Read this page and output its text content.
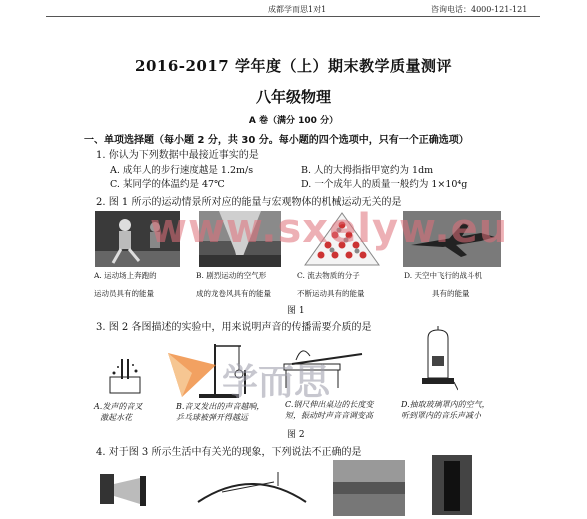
成都学而思1对1	咨询电话：4000-121-121
2016-2017 学年度（上）期末教学质量测评
八年级物理
A 卷（满分 100 分）
一、单项选择题（每小题 2 分，共 30 分。每小题的四个选项中，只有一个正确选项）
1. 你认为下列数据中最接近事实的是
A. 成年人的步行速度越是 1.2m/s	B. 人的大拇指指甲宽约为 1dm
C. 某同学的体温约是 47℃	D. 一个成年人的质量一般约为 1×10⁴g
2. 图 1 所示的运动情景所对应的能量与宏观物体的机械运动无关的是
A. 运动场上奔跑的
运动员具有的能量
B. 剧烈运动的空气形
成的龙卷风具有的能量
C. 流去物质的分子
不断运动具有的能量
D. 天空中飞行的战斗机
具有的能量
图 1
3. 图 2 各图描述的实验中，用来说明声音的传播需要介质的是
A.发声的音叉
激起水花
B.音叉发出的声音越响，
乒乓球被弹开得越远
C.钢尺伸出桌边的长度变
短，振动时声音音调变高
D.抽取玻璃罩内的空气，
听到罩内的音乐声减小
图 2
4. 对于图 3 所示生活中有关光的现象，下列说法不正确的是
www.sxelyw.eu
学而思
